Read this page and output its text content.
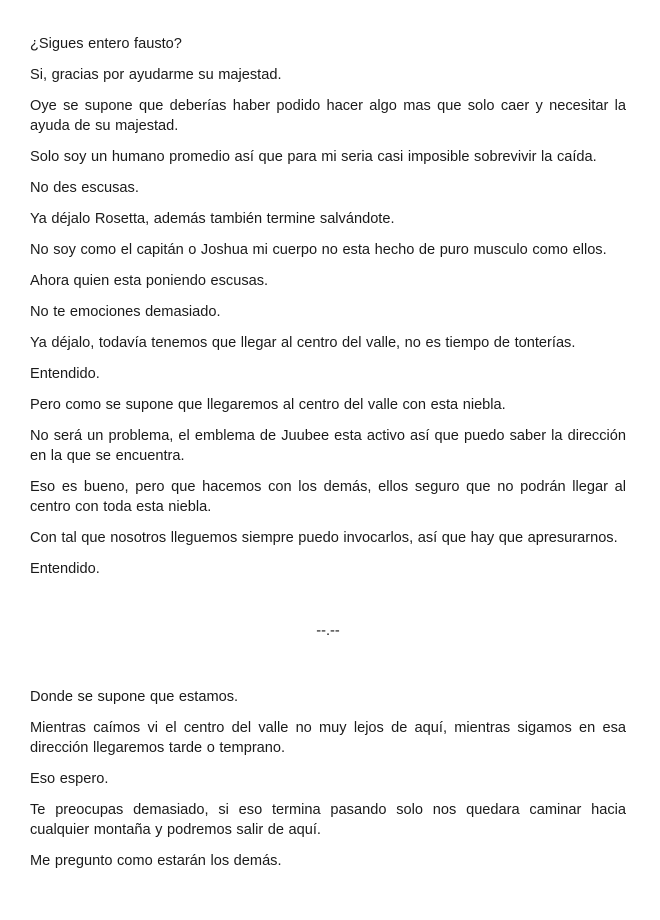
¿Sigues entero fausto?

Si, gracias por ayudarme su majestad.

Oye se supone que deberías haber podido hacer algo mas que solo caer y necesitar la ayuda de su majestad.

Solo soy un humano promedio así que para mi seria casi imposible sobrevivir la caída.

No des escusas.

Ya déjalo Rosetta, además también termine salvándote.

No soy como el capitán o Joshua mi cuerpo no esta hecho de puro musculo como ellos.

Ahora quien esta poniendo escusas.

No te emociones demasiado.

Ya déjalo, todavía tenemos que llegar al centro del valle, no es tiempo de tonterías.

Entendido.

Pero como se supone que llegaremos al centro del valle con esta niebla.

No será un problema, el emblema de Juubee esta activo así que puedo saber la dirección en la que se encuentra.

Eso es bueno, pero que hacemos con los demás, ellos seguro que no podrán llegar al centro con toda esta niebla.

Con tal que nosotros lleguemos siempre puedo invocarlos, así que hay que apresurarnos.

Entendido.

--.--

Donde se supone que estamos.

Mientras caímos vi el centro del valle no muy lejos de aquí, mientras sigamos en esa dirección llegaremos tarde o temprano.

Eso espero.

Te preocupas demasiado, si eso termina pasando solo nos quedara caminar hacia cualquier montaña y podremos salir de aquí.

Me pregunto como estarán los demás.
